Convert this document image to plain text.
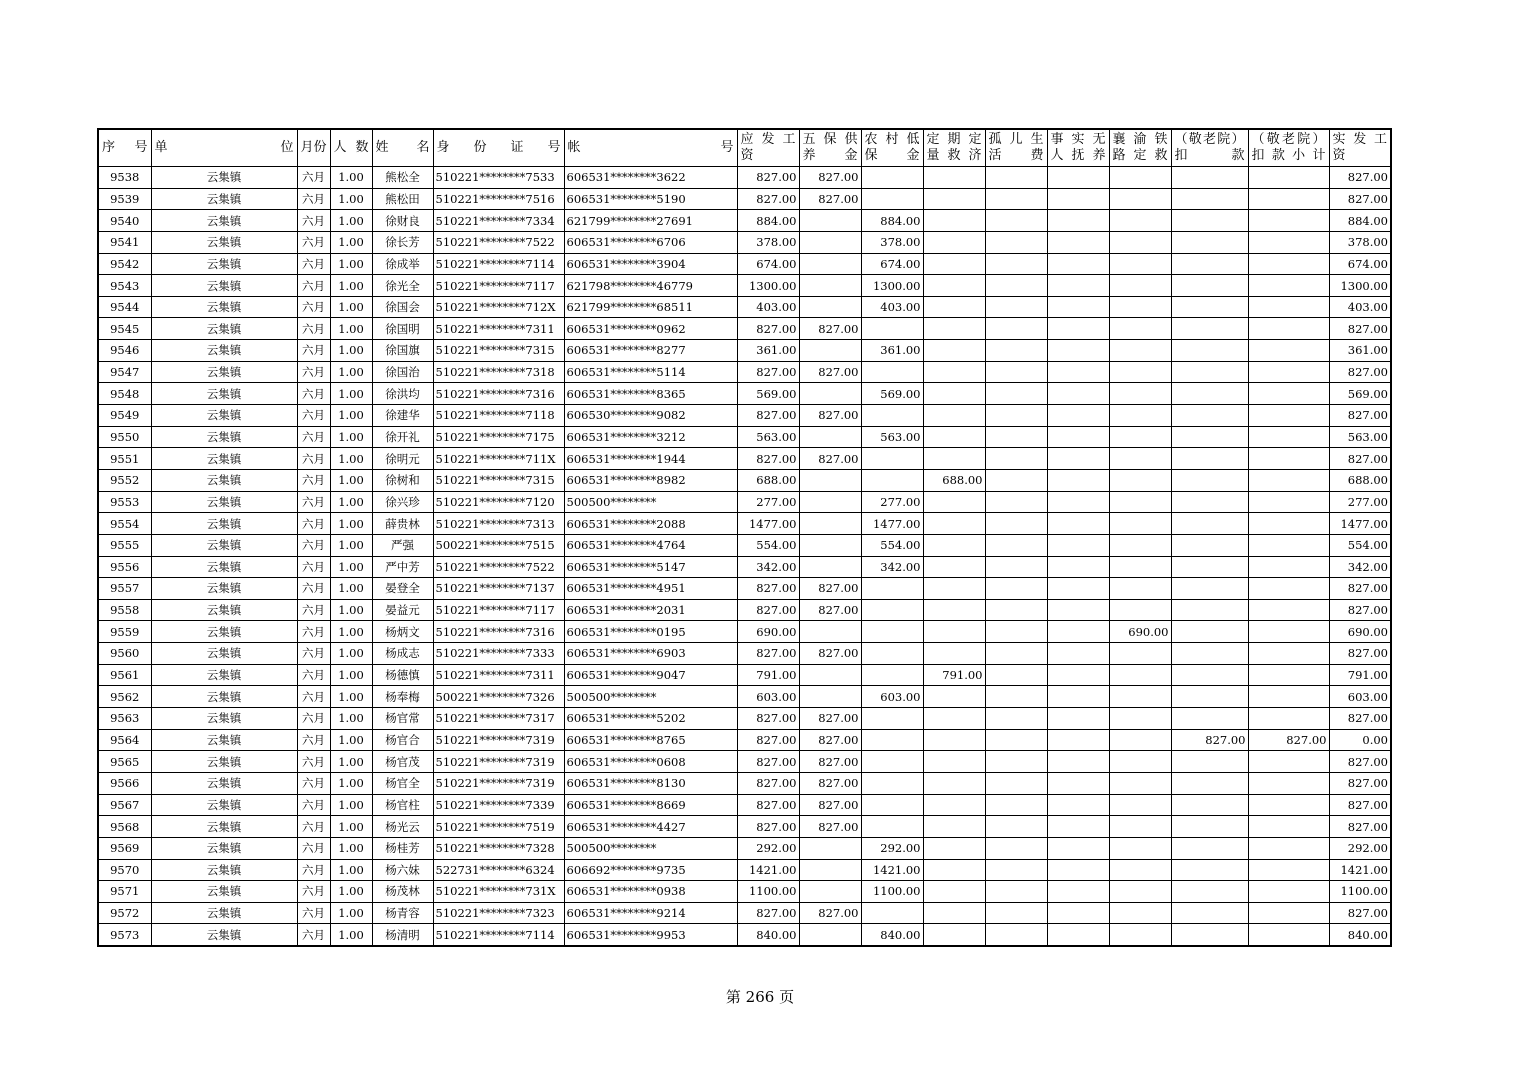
序　号	单　　　　位	月份	人 数	姓　名	身　份　证　号	帐　　　　　　号	应 发 工 资	五 保 供 养 金	农 村 低 保 金	定 期 定 量 救 济	孤 儿 生 活 费	事 实 无 人 抚 养	襄 渝 铁 路 定 救	（敬老院）扣　　款	（敬老院）扣款小计	实 发 工 资
9538	云集镇	六月	1.00	熊松全	510221********7533	606531********3622	827.00	827.00								827.00
9539	云集镇	六月	1.00	熊松田	510221********7516	606531********5190	827.00	827.00								827.00
9540	云集镇	六月	1.00	徐财良	510221********7334	621799********27691	884.00		884.00							884.00
9541	云集镇	六月	1.00	徐长芳	510221********7522	606531********6706	378.00		378.00							378.00
9542	云集镇	六月	1.00	徐成举	510221********7114	606531********3904	674.00		674.00							674.00
9543	云集镇	六月	1.00	徐光全	510221********7117	621798********46779	1300.00		1300.00							1300.00
9544	云集镇	六月	1.00	徐国会	510221********712X	621799********68511	403.00		403.00							403.00
9545	云集镇	六月	1.00	徐国明	510221********7311	606531********0962	827.00	827.00								827.00
9546	云集镇	六月	1.00	徐国旗	510221********7315	606531********8277	361.00		361.00							361.00
9547	云集镇	六月	1.00	徐国治	510221********7318	606531********5114	827.00	827.00								827.00
9548	云集镇	六月	1.00	徐洪均	510221********7316	606531********8365	569.00		569.00							569.00
9549	云集镇	六月	1.00	徐建华	510221********7118	606530********9082	827.00	827.00								827.00
9550	云集镇	六月	1.00	徐开礼	510221********7175	606531********3212	563.00		563.00							563.00
9551	云集镇	六月	1.00	徐明元	510221********711X	606531********1944	827.00	827.00								827.00
9552	云集镇	六月	1.00	徐树和	510221********7315	606531********8982	688.00			688.00						688.00
9553	云集镇	六月	1.00	徐兴珍	510221********7120	500500********	277.00		277.00							277.00
9554	云集镇	六月	1.00	薛贵林	510221********7313	606531********2088	1477.00		1477.00							1477.00
9555	云集镇	六月	1.00	严强	500221********7515	606531********4764	554.00		554.00							554.00
9556	云集镇	六月	1.00	严中芳	510221********7522	606531********5147	342.00		342.00							342.00
9557	云集镇	六月	1.00	晏登全	510221********7137	606531********4951	827.00	827.00								827.00
9558	云集镇	六月	1.00	晏益元	510221********7117	606531********2031	827.00	827.00								827.00
9559	云集镇	六月	1.00	杨炳文	510221********7316	606531********0195	690.00						690.00			690.00
9560	云集镇	六月	1.00	杨成志	510221********7333	606531********6903	827.00	827.00								827.00
9561	云集镇	六月	1.00	杨德慎	510221********7311	606531********9047	791.00			791.00						791.00
9562	云集镇	六月	1.00	杨奉梅	500221********7326	500500********	603.00		603.00							603.00
9563	云集镇	六月	1.00	杨官常	510221********7317	606531********5202	827.00	827.00								827.00
9564	云集镇	六月	1.00	杨官合	510221********7319	606531********8765	827.00	827.00						827.00	827.00	0.00
9565	云集镇	六月	1.00	杨官茂	510221********7319	606531********0608	827.00	827.00								827.00
9566	云集镇	六月	1.00	杨官全	510221********7319	606531********8130	827.00	827.00								827.00
9567	云集镇	六月	1.00	杨官柱	510221********7339	606531********8669	827.00	827.00								827.00
9568	云集镇	六月	1.00	杨光云	510221********7519	606531********4427	827.00	827.00								827.00
9569	云集镇	六月	1.00	杨桂芳	510221********7328	500500********	292.00		292.00							292.00
9570	云集镇	六月	1.00	杨六妹	522731********6324	606692********9735	1421.00		1421.00							1421.00
9571	云集镇	六月	1.00	杨茂林	510221********731X	606531********0938	1100.00		1100.00							1100.00
9572	云集镇	六月	1.00	杨青容	510221********7323	606531********9214	827.00	827.00								827.00
9573	云集镇	六月	1.00	杨清明	510221********7114	606531********9953	840.00		840.00							840.00
第 266 页
